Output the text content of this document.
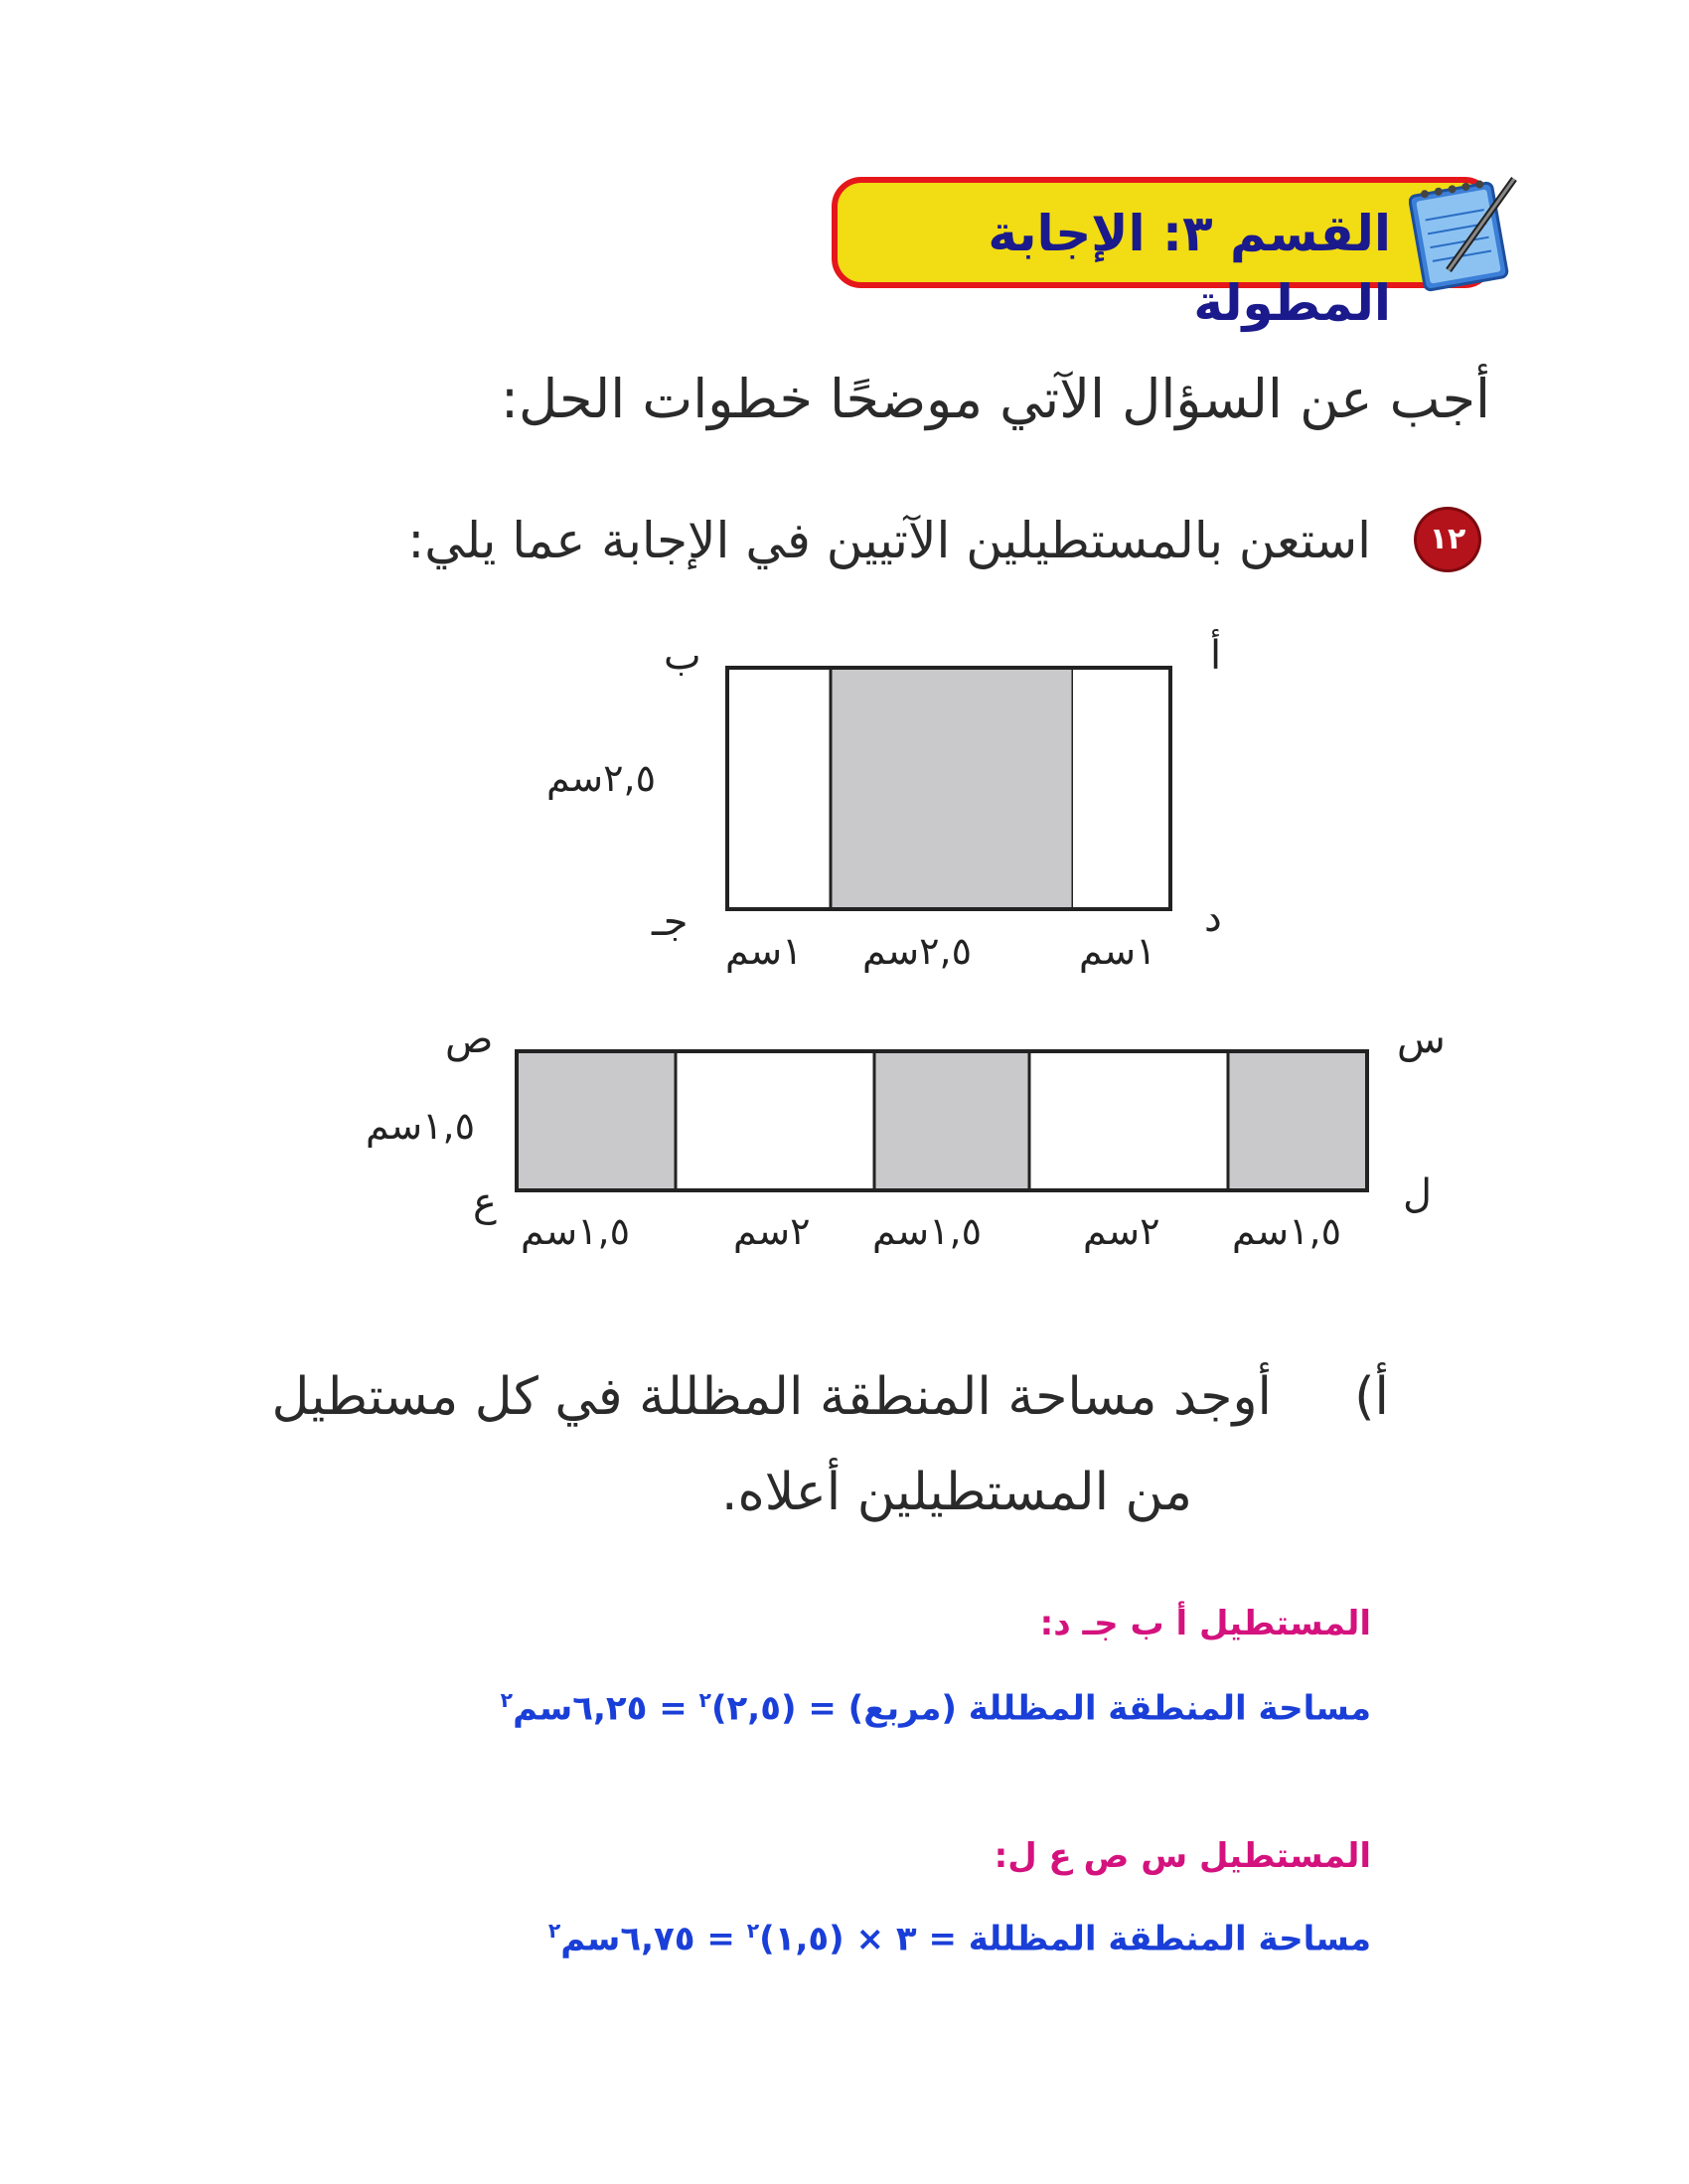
القسم ٣: الإجابة المطولة
أجب عن السؤال الآتي موضحًا خطوات الحل:
١٢
استعن بالمستطيلين الآتيين في الإجابة عما يلي:
أ
ب
جـ	د
٢,٥سم
١سم ٢,٥سم	١سم
س
ص
ع	ل
١,٥سم
١,٥سم	٢سم ١,٥سم	٢سم ١,٥سم
أ)
أوجد مساحة المنطقة المظللة في كل مستطيل
من المستطيلين أعلاه.
المستطيل أ ب جـ د:
مساحة المنطقة المظللة (مربع) = (٢,٥)$^٢$ = ٦,٢٥سم$^٢$
المستطيل س ص ع ل:
مساحة المنطقة المظللة = ٣ × (١,٥)$^٢$ = ٦,٧٥سم$^٢$
